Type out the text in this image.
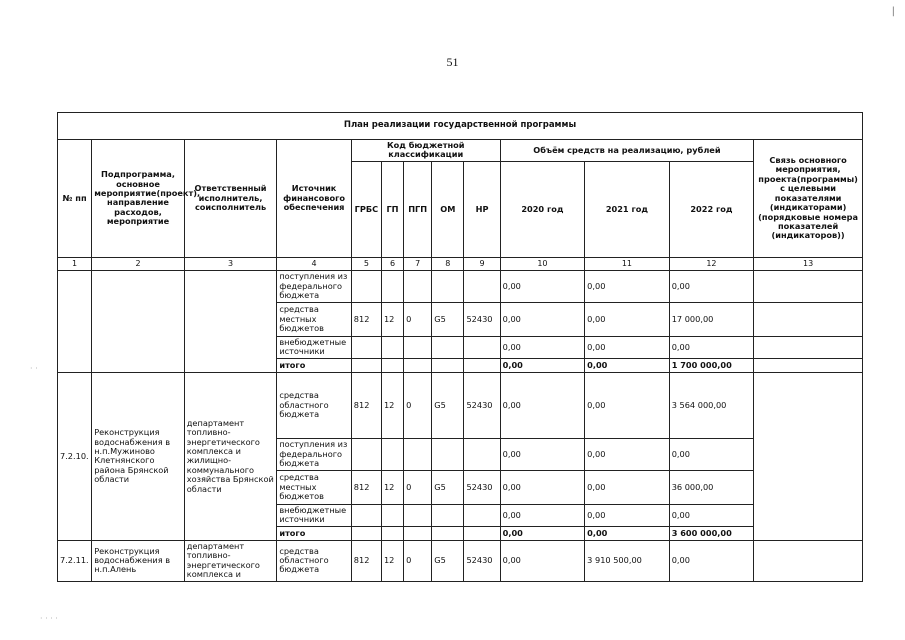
51
|
· ·
· · · ·
План реализации государственной программы												
№ пп	Подпрограмма, основное мероприятие(проект), направление расходов, мероприятие	Ответственный исполнитель, соисполнитель	Источник финансового обеспечения	Код бюджетной классификации					Объём средств на реализацию, рублей			Связь основного мероприятия, проекта(программы) с целевыми показателями (индикаторами) (порядковые номера показателей (индикаторов))
				ГРБС	ГП	ПГП	ОМ	НР	2020 год	2021 год	2022 год	
1	2	3	4	5	6	7	8	9	10	11	12	13
			поступления из федерального бюджета						0,00	0,00	0,00	
			средства местных бюджетов	812	12	0	G5	52430	0,00	0,00	17 000,00	
			внебюджетные источники						0,00	0,00	0,00	
			итого						0,00	0,00	1 700 000,00	
7.2.10.	Реконструкция водоснабжения в н.п.Мужиново Клетнянского района Брянской области	департамент топливно-энергетического комплекса и жилищно-коммунального хозяйства Брянской области	средства областного бюджета	812	12	0	G5	52430	0,00	0,00	3 564 000,00	
			поступления из федерального бюджета						0,00	0,00	0,00	
			средства местных бюджетов	812	12	0	G5	52430	0,00	0,00	36 000,00	
			внебюджетные источники						0,00	0,00	0,00	
			итого						0,00	0,00	3 600 000,00	
7.2.11.	Реконструкция водоснабжения в н.п.Алень	департамент топливно-энергетического комплекса и	средства областного бюджета	812	12	0	G5	52430	0,00	3 910 500,00	0,00	
